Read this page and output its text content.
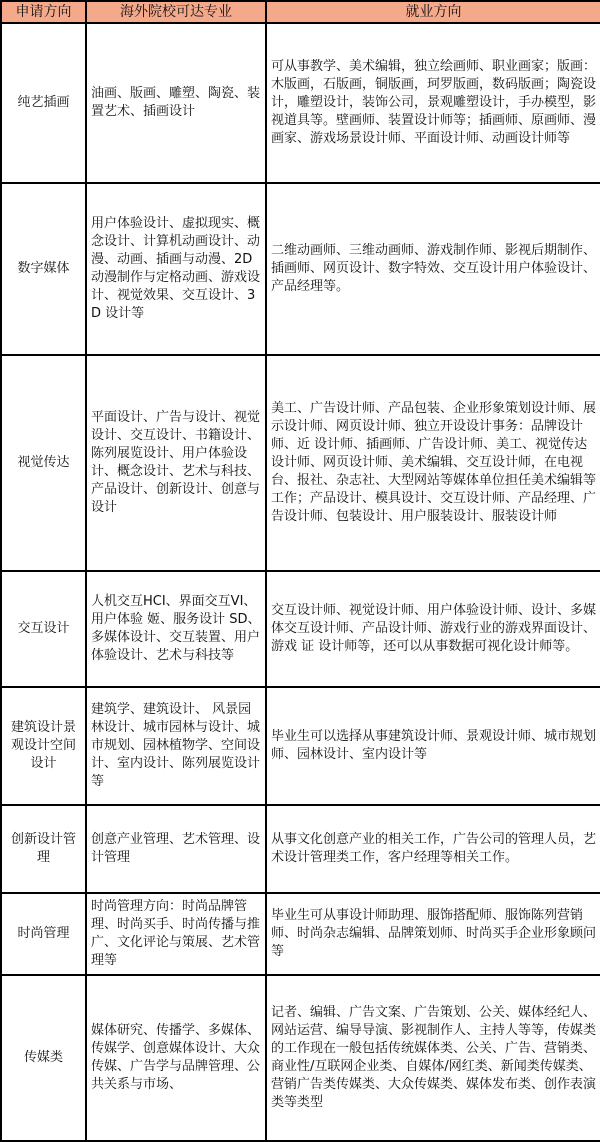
申请方向	海外院校可达专业	就业方向
纯艺插画	油画、版画、雕塑、陶瓷、装置艺术、插画设计	可从事教学、美术编辑，独立绘画师、职业画家；版画：木版画，石版画，铜版画，珂罗版画，数码版画；陶瓷设计，雕塑设计，装饰公司，景观雕塑设计，手办模型，影视道具等。壁画师、装置设计师等；插画师、原画师、漫画家、游戏场景设计师、平面设计师、动画设计师等
数字媒体	用户体验设计、虚拟现实、概念设计、计算机动画设计、动漫、动画、插画与动漫、2D 动漫制作与定格动画、游戏设计、视觉效果、交互设计、3D 设计等	二维动画师、三维动画师、游戏制作师、影视后期制作、插画师、网页设计、数字特效、交互设计用户体验设计、产品经理等。
视觉传达	平面设计、广告与设计、视觉设计、交互设计、书籍设计、陈列展览设计、用户体验设计、概念设计、艺术与科技、产品设计、创新设计、创意与设计	美工、广告设计师、产品包装、企业形象策划设计师、展示设计师、网页设计师、独立开设设计事务：品牌设计师、近 设计师、插画师、广告设计师、美工、视觉传达设计师、网页设计师、美术编辑、交互设计师，在电视台、报社、杂志社、大型网站等媒体单位担任美术编辑等工作；产品设计、模具设计、交互设计师、产品经理、广告设计师、包装设计、用户服装设计、服装设计师
交互设计	人机交互HCI、界面交互VI、用户体验 姬、服务设计 SD、多媒体设计、交互装置、用户体验设计、艺术与科技等	交互设计师、视觉设计师、用户体验设计师、设计、多媒体交互设计师、产品设计师、游戏行业的游戏界面设计、游戏 证 设计师等，还可以从事数据可视化设计师等。
建筑设计景观设计空间设计	建筑学、建筑设计、 风景园林设计、城市园林与设计、城市规划、园林植物学、空间设计、室内设计、陈列展览设计等	毕业生可以选择从事建筑设计师、景观设计师、城市规划师、园林设计、室内设计等
创新设计管理	创意产业管理、艺术管理、设计管理	从事文化创意产业的相关工作，广告公司的管理人员，艺术设计管理类工作，客户经理等相关工作。
时尚管理	时尚管理方向：时尚品牌管理、时尚买手、时尚传播与推广、文化评论与策展、艺术管理等	毕业生可从事设计师助理、服饰搭配师、服饰陈列营销师、时尚杂志编辑、品牌策划师、时尚买手企业形象顾问等
传媒类	媒体研究、传播学、多媒体、传媒学、创意媒体设计、大众传媒、广告学与品牌管理、公共关系与市场、	记者、编辑、广告文案、广告策划、公关、媒体经纪人、网站运营、编导导演、影视制作人、主持人等等，传媒类的工作现在一般包括传统媒体类、公关、广告、营销类、商业性/互联网企业类、自媒体/网红类、新闻类传媒类、营销广告类传媒类、大众传媒类、媒体发布类、创作表演类等类型
